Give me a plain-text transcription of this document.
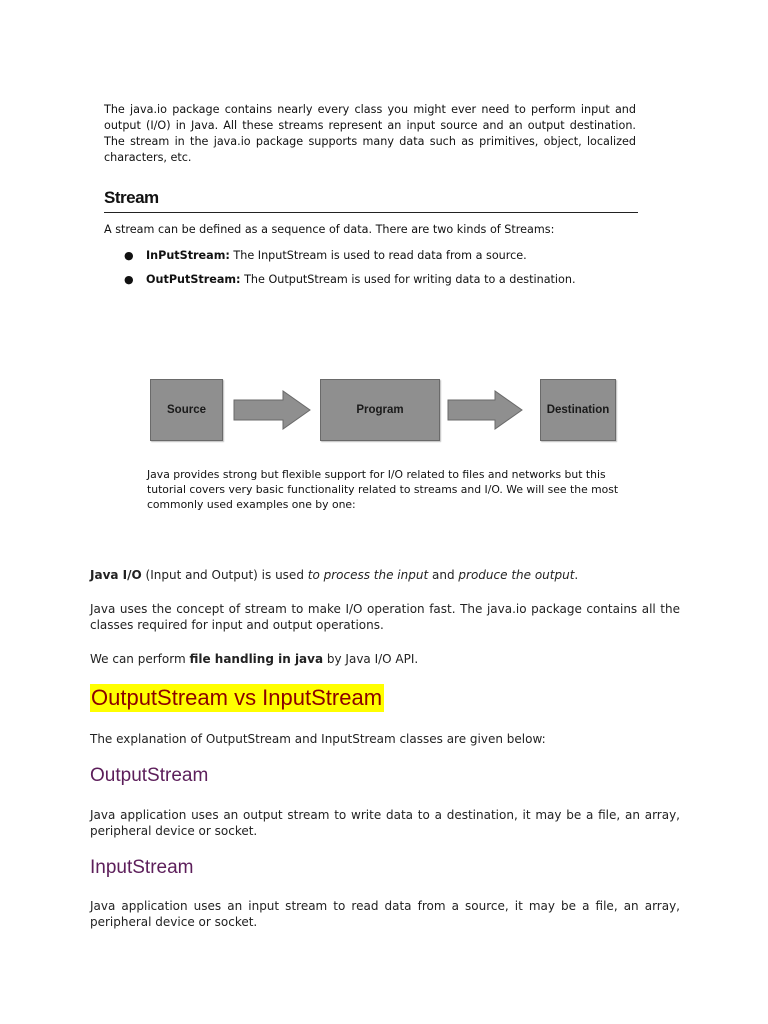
The java.io package contains nearly every class you might ever need to perform input and output (I/O) in Java. All these streams represent an input source and an output destination. The stream in the java.io package supports many data such as primitives, object, localized characters, etc.
Stream
A stream can be defined as a sequence of data. There are two kinds of Streams:
● InPutStream: The InputStream is used to read data from a source.
● OutPutStream: The OutputStream is used for writing data to a destination.
Source	Program	Destination
Java provides strong but flexible support for I/O related to files and networks but this tutorial covers very basic functionality related to streams and I/O. We will see the most commonly used examples one by one:
Java I/O (Input and Output) is used to process the input and produce the output.
Java uses the concept of stream to make I/O operation fast. The java.io package contains all the classes required for input and output operations.
We can perform file handling in java by Java I/O API.
OutputStream vs InputStream
The explanation of OutputStream and InputStream classes are given below:
OutputStream
Java application uses an output stream to write data to a destination, it may be a file, an array, peripheral device or socket.
InputStream
Java application uses an input stream to read data from a source, it may be a file, an array, peripheral device or socket.
